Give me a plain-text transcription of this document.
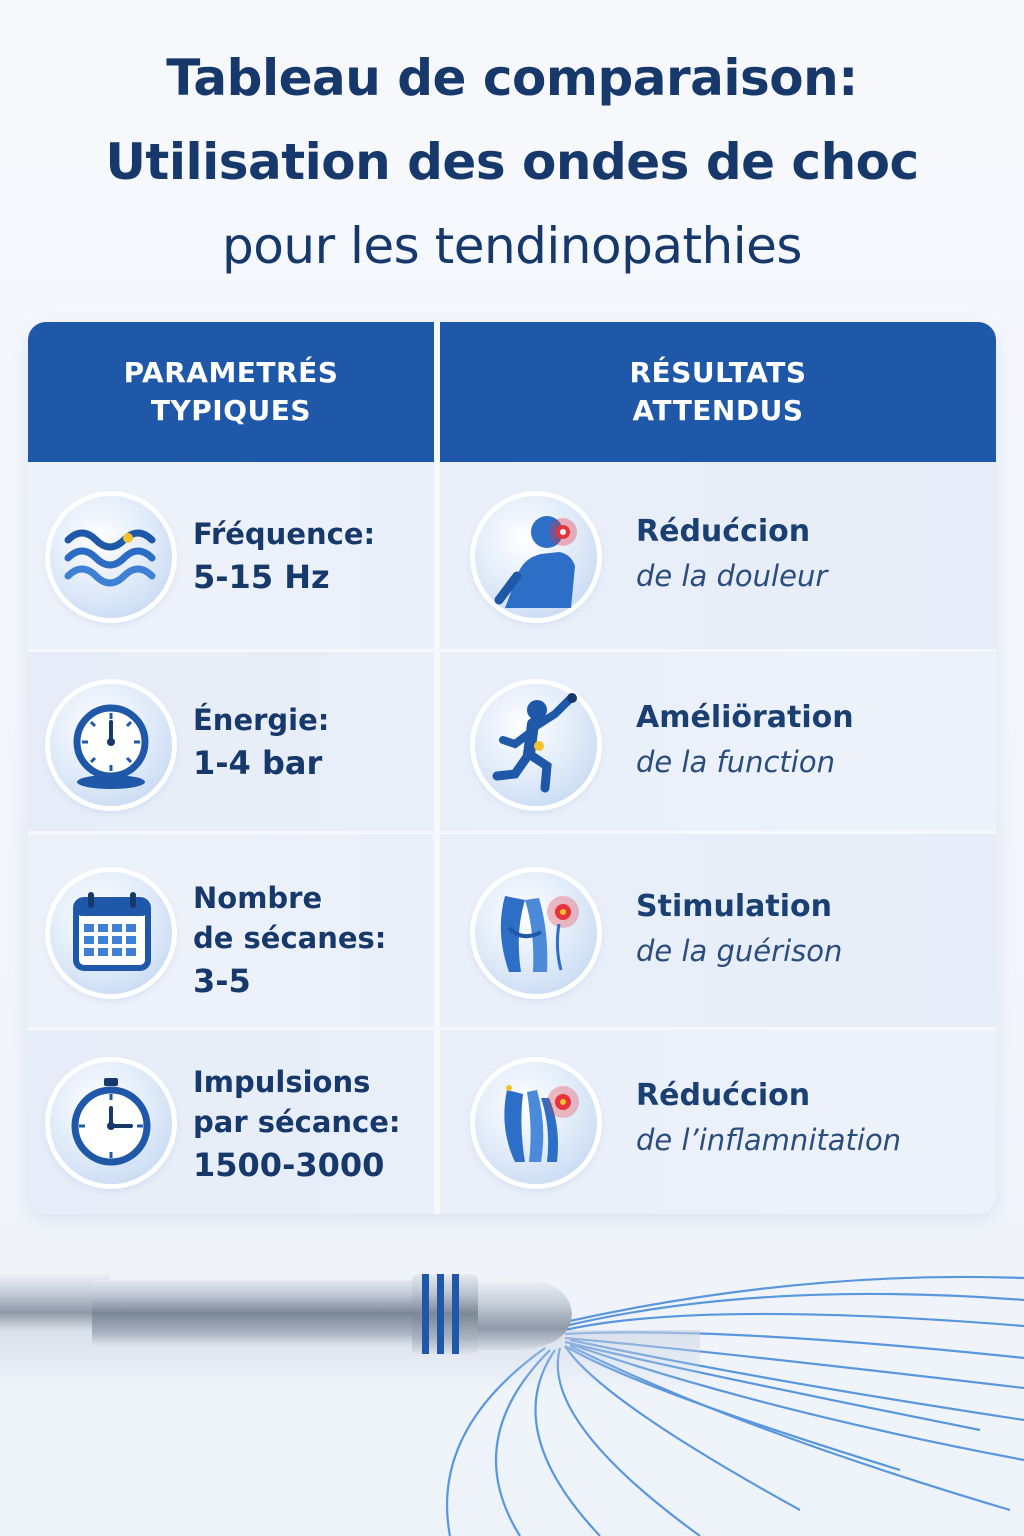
Tableau de comparaison:
Utilisation des ondes de choc
pour les tendinopathies
PARAMETRÉS
TYPIQUES
RÉSULTATS
ATTENDUS
Fŕéquence:
5-15 Hz
Rédućcion
de la douleur
Énergie:
1-4 bar
Améliöration
de la function
Nombre
de sécanes:
3-5
Stimulation
de la guérison
Impulsions
par sécance:
1500-3000
Rédućcion
de l’inflamnitation
